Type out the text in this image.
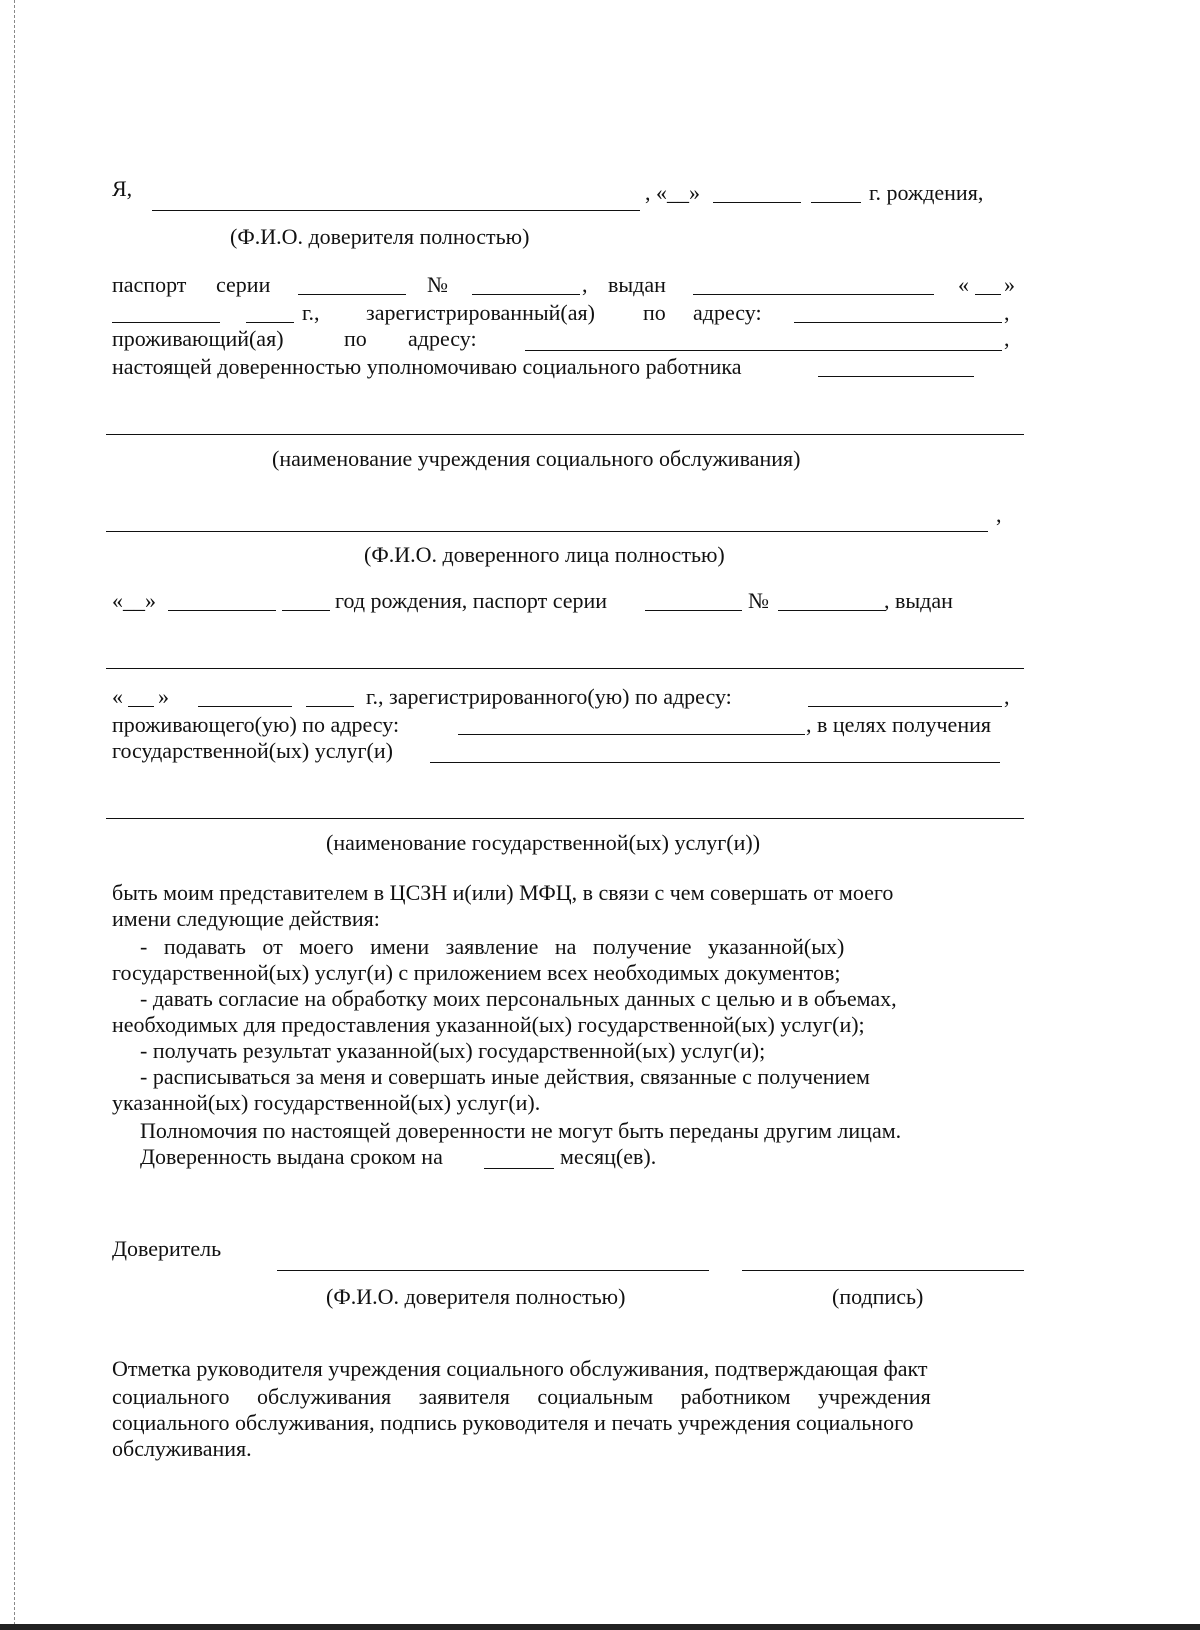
Я,	, «__»	г. рождения,
(Ф.И.О. доверителя полностью)
паспорт серии	№	, выдан	« »
г., зарегистрированный(ая) по адресу:	,
проживающий(ая)	по адресу:	,
настоящей доверенностью уполномочиваю социального работника
(наименование учреждения социального обслуживания)
,
(Ф.И.О. доверенного лица полностью)
«__»	год рождения, паспорт серии	№	, выдан
« »	г., зарегистрированного(ую) по адресу:	,
проживающего(ую) по адресу:	, в целях получения
государственной(ых) услуг(и)
(наименование государственной(ых) услуг(и))
быть моим представителем в ЦСЗН и(или) МФЦ, в связи с чем совершать от моего
имени следующие действия:
-   подавать   от   моего   имени   заявление   на   получение   указанной(ых)
государственной(ых) услуг(и) с приложением всех необходимых документов;
- давать согласие на обработку моих персональных данных с целью и в объемах,
необходимых для предоставления указанной(ых) государственной(ых) услуг(и);
- получать результат указанной(ых) государственной(ых) услуг(и);
- расписываться за меня и совершать иные действия, связанные с получением
указанной(ых) государственной(ых) услуг(и).
Полномочия по настоящей доверенности не могут быть переданы другим лицам.
Доверенность выдана сроком на	месяц(ев).
Доверитель
(Ф.И.О. доверителя полностью)	(подпись)
Отметка руководителя учреждения социального обслуживания, подтверждающая факт
социального обслуживания заявителя социальным работником учреждения
социального обслуживания, подпись руководителя и печать учреждения социального
обслуживания.
